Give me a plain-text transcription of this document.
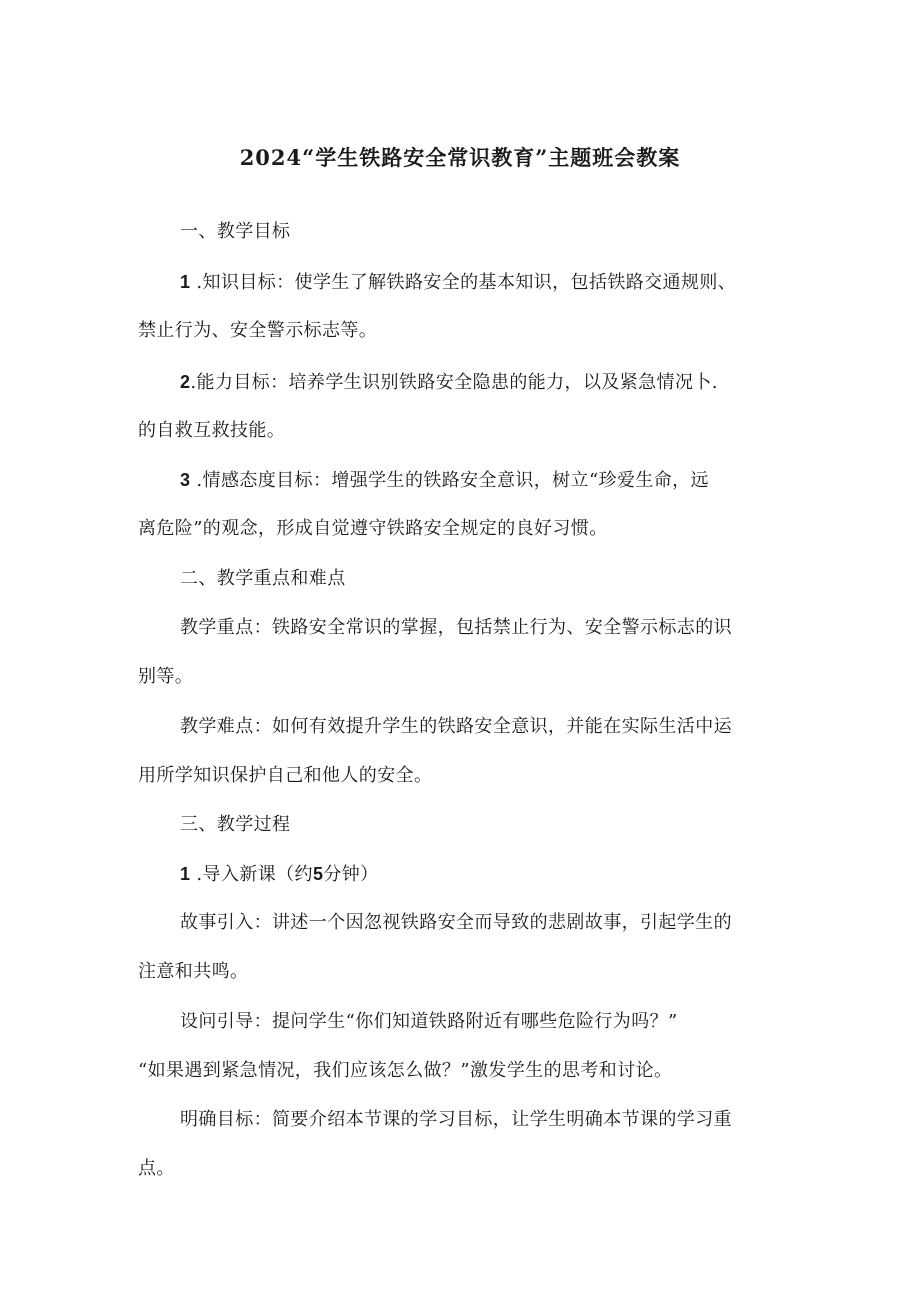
2024“学生铁路安全常识教育”主题班会教案
一、教学目标
1 .知识目标：使学生了解铁路安全的基本知识，包括铁路交通规则、
禁止行为、安全警示标志等。
2.能力目标：培养学生识别铁路安全隐患的能力，以及紧急情况卜.
的自救互救技能。
3 .情感态度目标：增强学生的铁路安全意识，树立“珍爱生命，远
离危险”的观念，形成自觉遵守铁路安全规定的良好习惯。
二、教学重点和难点
教学重点：铁路安全常识的掌握，包括禁止行为、安全警示标志的识
别等。
教学难点：如何有效提升学生的铁路安全意识，并能在实际生活中运
用所学知识保护自己和他人的安全。
三、教学过程
1 .导入新课（约5分钟）
故事引入：讲述一个因忽视铁路安全而导致的悲剧故事，引起学生的
注意和共鸣。
设问引导：提问学生“你们知道铁路附近有哪些危险行为吗？”
“如果遇到紧急情况，我们应该怎么做？”激发学生的思考和讨论。
明确目标：简要介绍本节课的学习目标，让学生明确本节课的学习重
点。
